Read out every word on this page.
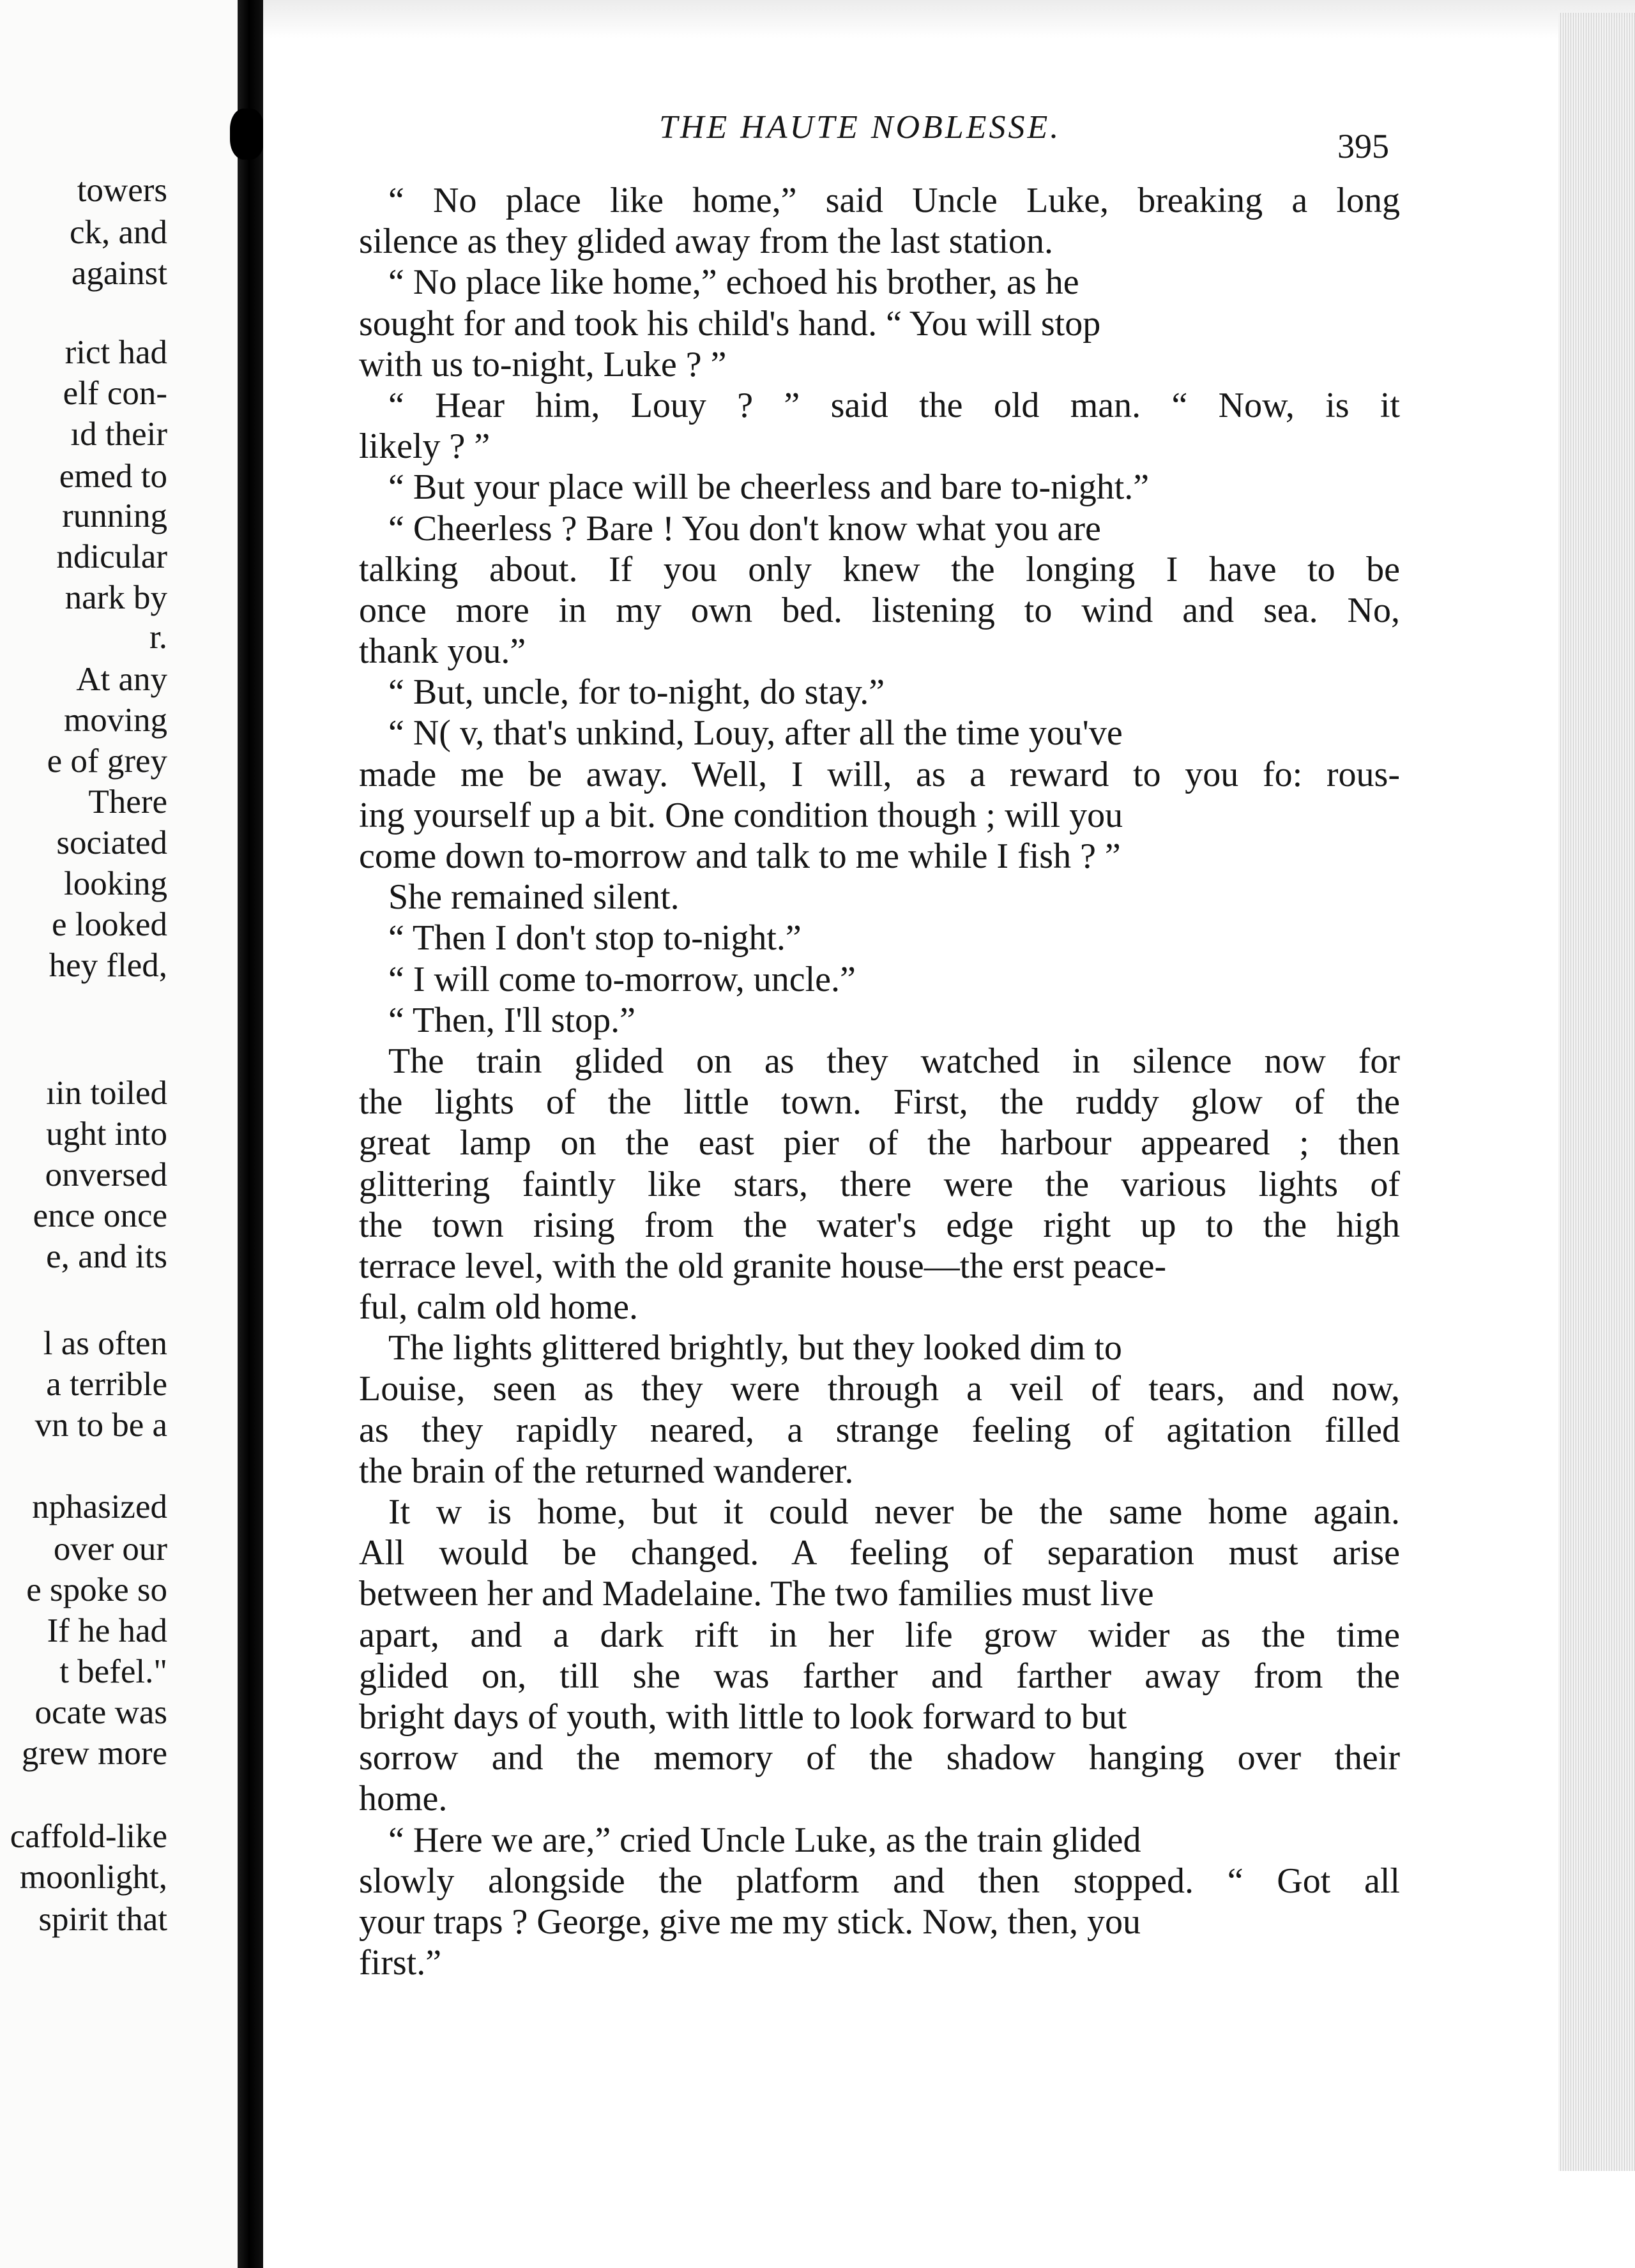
towers
ck, and
against
rict had
elf con-
ıd their
emed to
running
ndicular
nark by
r.
At any
moving
e of grey
There
sociated
looking
e looked
hey fled,
ıin toiled
ught into
onversed
ence once
e, and its
l as often
a terrible
vn to be a
nphasized
over our
e spoke so
If he had
t befel."
ocate was
grew more
caffold-like
moonlight,
spirit that
THE HAUTE NOBLESSE.	395
“ No place like home,” said Uncle Luke, breaking a long
silence as they glided away from the last station.
“ No place like home,” echoed his brother, as he
sought for and took his child's hand. “ You will stop
with us to-night, Luke ? ”
“ Hear him, Louy ? ” said the old man. “ Now, is it
likely ? ”
“ But your place will be cheerless and bare to-night.”
“ Cheerless ? Bare ! You don't know what you are
talking about. If you only knew the longing I have to be
once more in my own bed. listening to wind and sea. No,
thank you.”
“ But, uncle, for to-night, do stay.”
“ N( v, that's unkind, Louy, after all the time you've
made me be away. Well, I will, as a reward to you fo: rous-
ing yourself up a bit. One condition though ; will you
come down to-morrow and talk to me while I fish ? ”
She remained silent.
“ Then I don't stop to-night.”
“ I will come to-morrow, uncle.”
“ Then, I'll stop.”
The train glided on as they watched in silence now for
the lights of the little town. First, the ruddy glow of the
great lamp on the east pier of the harbour appeared ; then
glittering faintly like stars, there were the various lights of
the town rising from the water's edge right up to the high
terrace level, with the old granite house—the erst peace-
ful, calm old home.
The lights glittered brightly, but they looked dim to
Louise, seen as they were through a veil of tears, and now,
as they rapidly neared, a strange feeling of agitation filled
the brain of the returned wanderer.
It w is home, but it could never be the same home again.
All would be changed. A feeling of separation must arise
between her and Madelaine. The two families must live
apart, and a dark rift in her life grow wider as the time
glided on, till she was farther and farther away from the
bright days of youth, with little to look forward to but
sorrow and the memory of the shadow hanging over their
home.
“ Here we are,” cried Uncle Luke, as the train glided
slowly alongside the platform and then stopped. “ Got all
your traps ? George, give me my stick. Now, then, you
first.”
